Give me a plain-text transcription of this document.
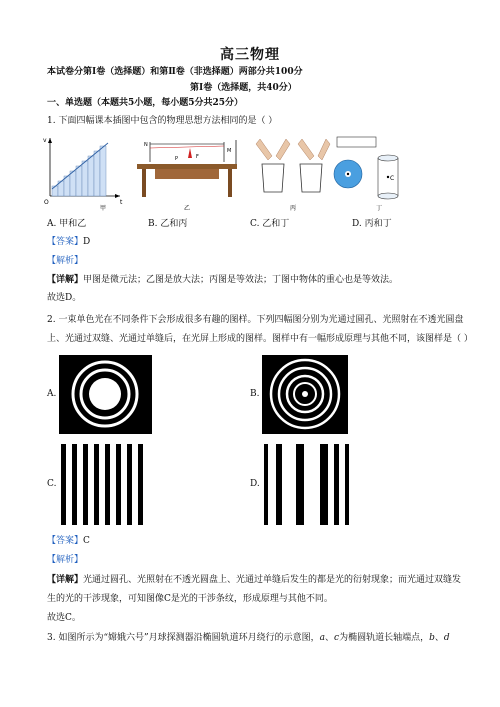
高三物理
本试卷分第Ⅰ卷（选择题）和第Ⅱ卷（非选择题）两部分共100分
第Ⅰ卷（选择题，共40分）
一、单选题（本题共5小题，每小题5分共25分）
1. 下面四幅课本插图中包含的物理思想方法相同的是（ ）
O	t
v
N
M
P	F
C
甲	乙	丙	丁
A. 甲和乙	B. 乙和丙	C. 乙和丁	D. 丙和丁
【答案】D
【解析】
【详解】甲图是微元法；乙图是放大法；丙图是等效法；丁图中物体的重心也是等效法。
故选D。
2. 一束单色光在不同条件下会形成很多有趣的图样。下列四幅图分别为光通过圆孔、光照射在不透光圆盘
上、光通过双缝、光通过单缝后，在光屏上形成的图样。图样中有一幅形成原理与其他不同，该图样是（ ）
A.	B.
C.	D.
【答案】C
【解析】
【详解】光通过圆孔、光照射在不透光圆盘上、光通过单缝后发生的都是光的衍射现象；而光通过双缝发
生的光的干涉现象，可知图像C是光的干涉条纹，形成原理与其他不同。
故选C。
3. 如图所示为“嫦娥六号”月球探测器沿椭圆轨道环月绕行的示意图，a、c为椭圆轨道长轴端点，b、d
